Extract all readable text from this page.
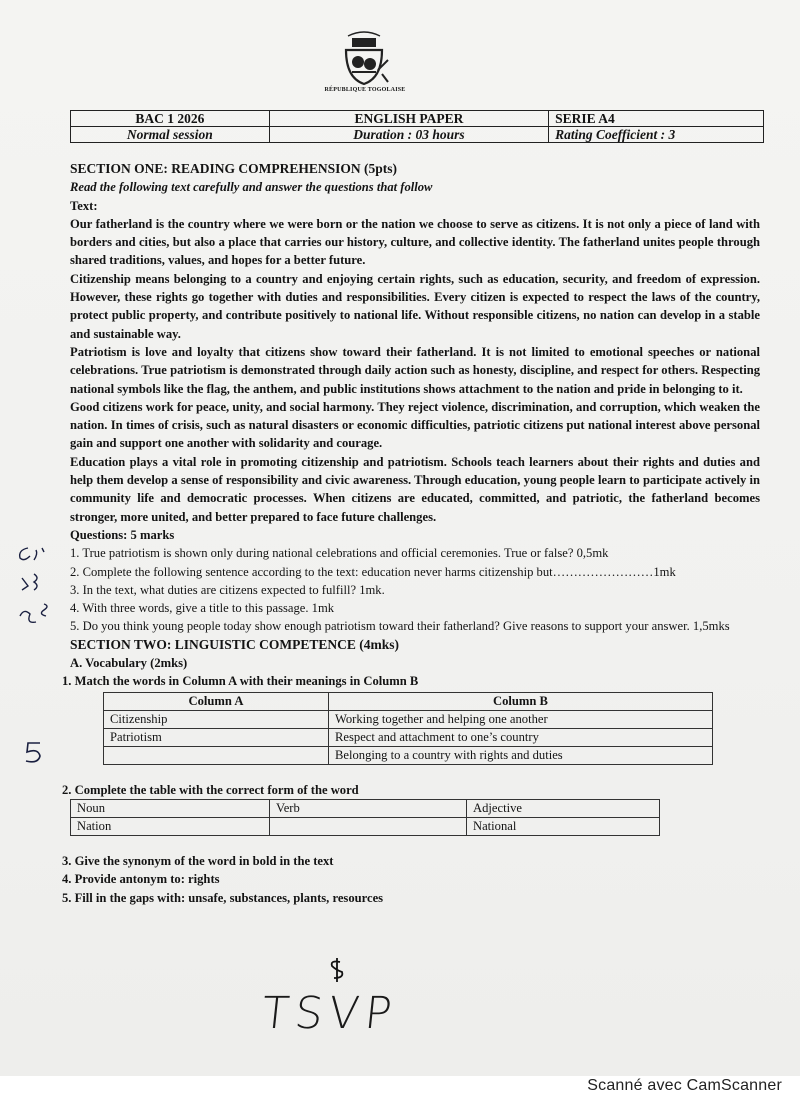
RÉPUBLIQUE TOGOLAISE
BAC 1 2026	ENGLISH PAPER	SERIE A4
Normal session	Duration : 03 hours	Rating Coefficient : 3

SECTION ONE: READING COMPREHENSION (5pts)

Read the following text carefully and answer the questions that follow

Text:

Our fatherland is the country where we were born or the nation we choose to serve as citizens. It is not only a piece of land with borders and cities, but also a place that carries our history, culture, and collective identity. The fatherland unites people through shared traditions, values, and hopes for a better future.

Citizenship means belonging to a country and enjoying certain rights, such as education, security, and freedom of expression. However, these rights go together with duties and responsibilities. Every citizen is expected to respect the laws of the country, protect public property, and contribute positively to national life. Without responsible citizens, no nation can develop in a stable and sustainable way.

Patriotism is love and loyalty that citizens show toward their fatherland. It is not limited to emotional speeches or national celebrations. True patriotism is demonstrated through daily action such as honesty, discipline, and respect for others. Respecting national symbols like the flag, the anthem, and public institutions shows attachment to the nation and pride in belonging to it.

Good citizens work for peace, unity, and social harmony. They reject violence, discrimination, and corruption, which weaken the nation. In times of crisis, such as natural disasters or economic difficulties, patriotic citizens put national interest above personal gain and support one another with solidarity and courage.

Education plays a vital role in promoting citizenship and patriotism. Schools teach learners about their rights and duties and help them develop a sense of responsibility and civic awareness. Through education, young people learn to participate actively in community life and democratic processes. When citizens are educated, committed, and patriotic, the fatherland becomes stronger, more united, and better prepared to face future challenges.

Questions: 5 marks

1. True patriotism is shown only during national celebrations and official ceremonies. True or false? 0,5mk

2. Complete the following sentence according to the text: education never harms citizenship but……………………1mk

3. In the text, what duties are citizens expected to fulfill? 1mk.

4. With three words, give a title to this passage. 1mk

5. Do you think young people today show enough patriotism toward their fatherland? Give reasons to support your answer. 1,5mks

SECTION TWO: LINGUISTIC COMPETENCE (4mks)

A. Vocabulary (2mks)

1. Match the words in Column A with their meanings in Column B

Column A	Column B
Citizenship	Working together and helping one another
Patriotism	Respect and attachment to one’s country
	Belonging to a country with rights and duties

2. Complete the table with the correct form of the word

Noun	Verb	Adjective
Nation		National

3. Give the synonym of the word in bold in the text

4. Provide antonym to: rights

5. Fill in the gaps with: unsafe, substances, plants, resources

TSVP
Scanné avec CamScanner
